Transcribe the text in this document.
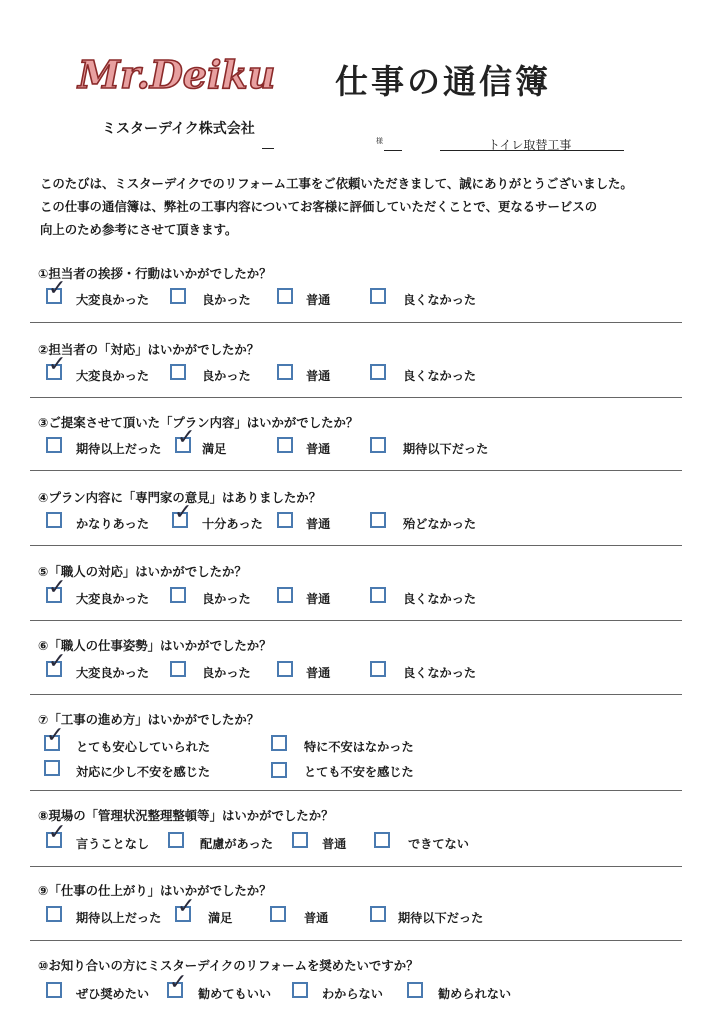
Mr.Deiku 仕事の通信簿
ミスターデイク株式会社
様	トイレ取替工事
このたびは、ミスターデイクでのリフォーム工事をご依頼いただきまして、誠にありがとうございました。
この仕事の通信簿は、弊社の工事内容についてお客様に評価していただくことで、更なるサービスの
向上のため参考にさせて頂きます。
①担当者の挨拶・行動はいかがでしたか？
大変良かった
✓	良かった	普通	良くなかった
②担当者の「対応」はいかがでしたか？
大変良かった
✓	良かった	普通	良くなかった
③ご提案させて頂いた「プラン内容」はいかがでしたか？
期待以上だった	満足
✓	普通	期待以下だった
④プラン内容に「専門家の意見」はありましたか？
かなりあった	十分あった
✓	普通	殆どなかった
⑤「職人の対応」はいかがでしたか？
大変良かった
✓	良かった	普通	良くなかった
⑥「職人の仕事姿勢」はいかがでしたか？
大変良かった
✓	良かった	普通	良くなかった
⑦「工事の進め方」はいかがでしたか？
とても安心していられた
✓	特に不安はなかった
対応に少し不安を感じた	とても不安を感じた
⑧現場の「管理状況整理整頓等」はいかがでしたか？
言うことなし
✓	配慮があった	普通	できてない
⑨「仕事の仕上がり」はいかがでしたか？
期待以上だった	満足
✓	普通	期待以下だった
⑩お知り合いの方にミスターデイクのリフォームを奨めたいですか？
ぜひ奨めたい	勧めてもいい
✓	わからない	勧められない
